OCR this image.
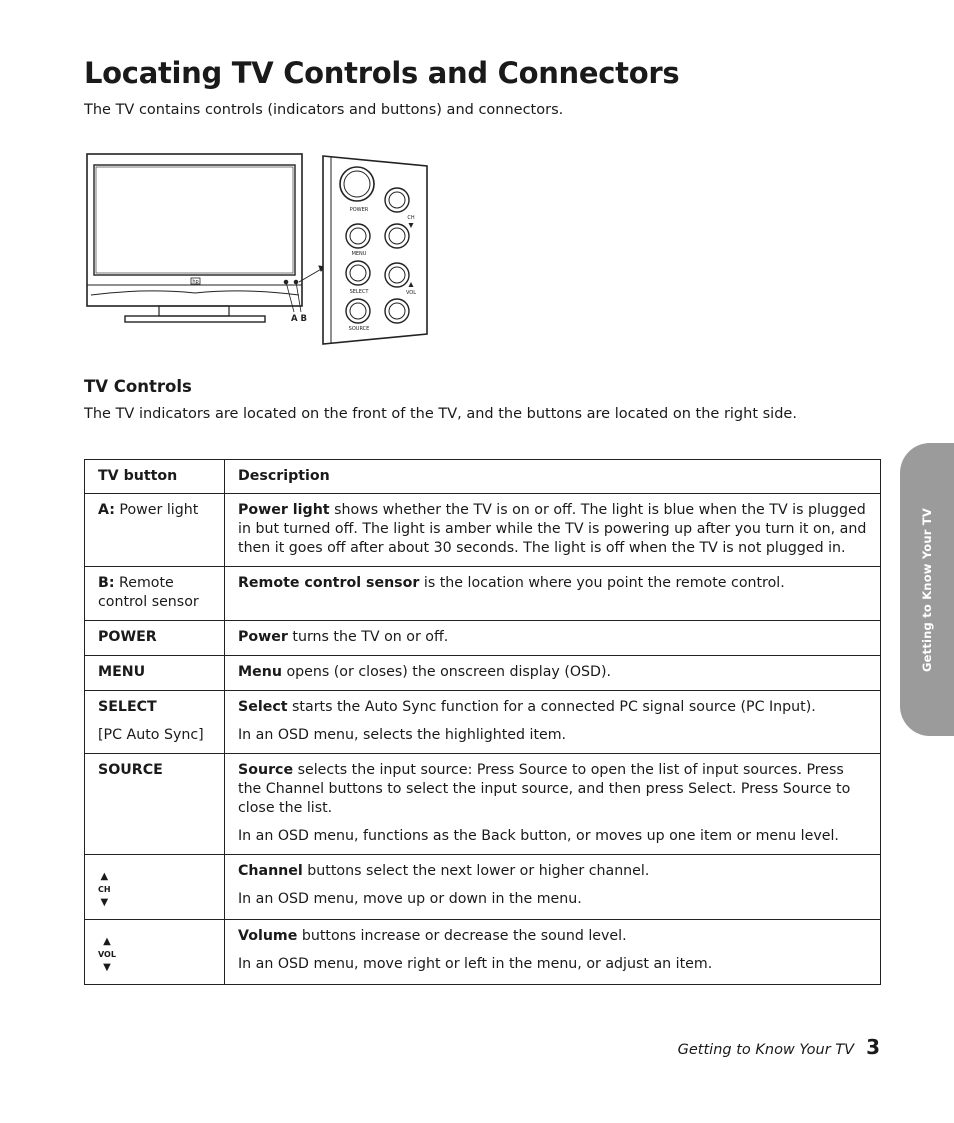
Locating TV Controls and Connectors

The TV contains controls (indicators and buttons) and connectors.

hp
A B
POWER
CH
MENU
SELECT	VOL
SOURCE
TV Controls

The TV indicators are located on the front of the TV, and the buttons are located on the right side.

TV button	Description
A: Power light	Power light shows whether the TV is on or off. The light is blue when the TV is plugged in but turned off. The light is amber while the TV is powering up after you turn it on, and then it goes off after about 30 seconds. The light is off when the TV is not plugged in.
B: Remote control sensor	Remote control sensor is the location where you point the remote control.
POWER	Power turns the TV on or off.
MENU	Menu opens (or closes) the onscreen display (OSD).
SELECT

[PC Auto Sync]	Select starts the Auto Sync function for a connected PC signal source (PC Input).

In an OSD menu, selects the highlighted item.

SOURCE	Source selects the input source: Press Source to open the list of input sources. Press the Channel buttons to select the input source, and then press Select. Press Source to close the list.

In an OSD menu, functions as the Back button, or moves up one item or menu level.

▲
CH
▼	Channel buttons select the next lower or higher channel.

In an OSD menu, move up or down in the menu.

▲
VOL
▼	Volume buttons increase or decrease the sound level.

In an OSD menu, move right or left in the menu, or adjust an item.

Getting to Know Your TV
Getting to Know Your TV 3
